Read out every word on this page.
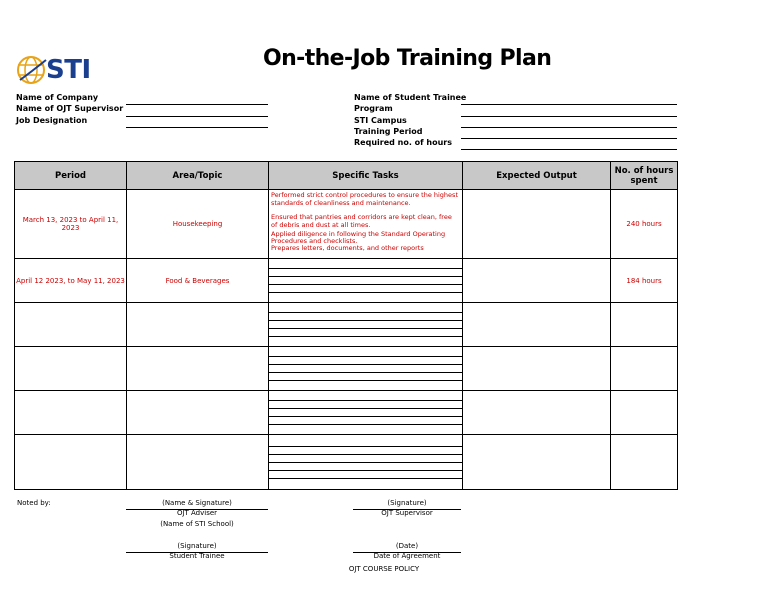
STI	On-the-Job Training Plan
Name of Company
Name of OJT Supervisor
Job Designation
Name of Student Trainee
Program
STI Campus
Training Period
Required no. of hours
Period	Area/Topic	Specific Tasks	Expected Output	No. of hours spent
March 13, 2023 to April 11, 2023	Housekeeping	Performed strict control procedures to ensure the highest standards of cleanliness and maintenance.
Ensured that pantries and corridors are kept clean, free of debris and dust at all times.
Applied diligence in following the Standard Operating Procedures and checklists.
Prepares letters, documents, and other reports		240 hours
April 12 2023, to May 11, 2023	Food & Beverages			184 hours

Noted by:	(Name & Signature)
OJT Adviser
(Name of STI School)
(Signature)
OJT Supervisor
(Signature)
Student Trainee
(Date)
Date of Agreement
OJT COURSE POLICY
